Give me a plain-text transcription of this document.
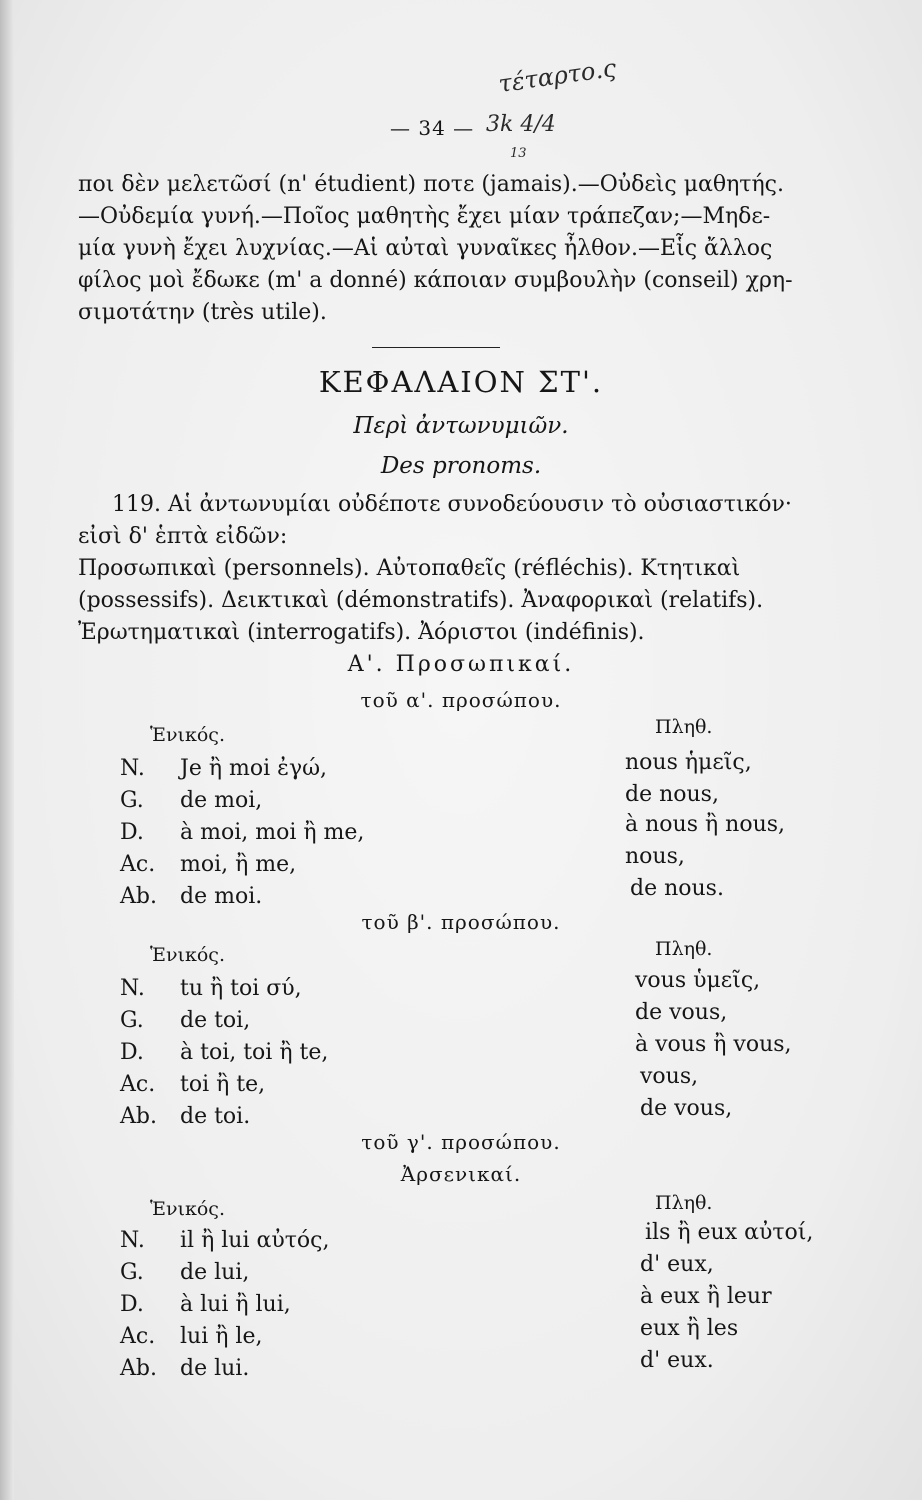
— 34 —
τέταρτο.ς
3k 4/4
13
ποι δὲν μελετῶσί (n' étudient) ποτε (jamais).—Οὐδεὶς μαθητής.
—Οὐδεμία γυνή.—Ποῖος μαθητὴς ἔχει μίαν τράπεζαν;—Μηδε-
μία γυνὴ ἔχει λυχνίας.—Αἱ αὐταὶ γυναῖκες ἦλθον.—Εἷς ἄλλος
φίλος μοὶ ἔδωκε (m' a donné) κάποιαν συμβουλὴν (conseil) χρη-
σιμοτάτην (très utile).
ΚΕΦΑΛΑΙΟΝ ΣΤ'.
Περὶ ἀντωνυμιῶν.
Des pronoms.
119. Αἱ ἀντωνυμίαι οὐδέποτε συνοδεύουσιν τὸ οὐσιαστικόν·
εἰσὶ δ' ἑπτὰ εἰδῶν:
Προσωπικαὶ (personnels). Αὐτοπαθεῖς (réfléchis). Κτητικαὶ
(possessifs). Δεικτικαὶ (démonstratifs). Ἀναφορικαὶ (relatifs).
Ἐρωτηματικαὶ (interrogatifs). Ἀόριστοι (indéfinis).
Α'. Προσωπικαί.
τοῦ α'. προσώπου.
Ἑνικός.	Πληθ.
N. Je ἢ moi ἐγώ,	nous ἡμεῖς,
G. de moi,	de nous,
D. à moi, moi ἢ me,	à nous ἢ nous,
Ac. moi, ἢ me,	nous,
Ab. de moi.	de nous.
τοῦ β'. προσώπου.
Ἑνικός.	Πληθ.
N. tu ἢ toi σύ,	vous ὑμεῖς,
G. de toi,	de vous,
D. à toi, toi ἢ te,	à vous ἢ vous,
Ac. toi ἢ te,	vous,
Ab. de toi.	de vous,
τοῦ γ'. προσώπου.
Ἀρσενικαί.
Ἑνικός.	Πληθ.
N. il ἢ lui αὐτός,	ils ἢ eux αὐτοί,
G. de lui,	d' eux,
D. à lui ἢ lui,	à eux ἢ leur
Ac. lui ἢ le,	eux ἢ les
Ab. de lui.	d' eux.
